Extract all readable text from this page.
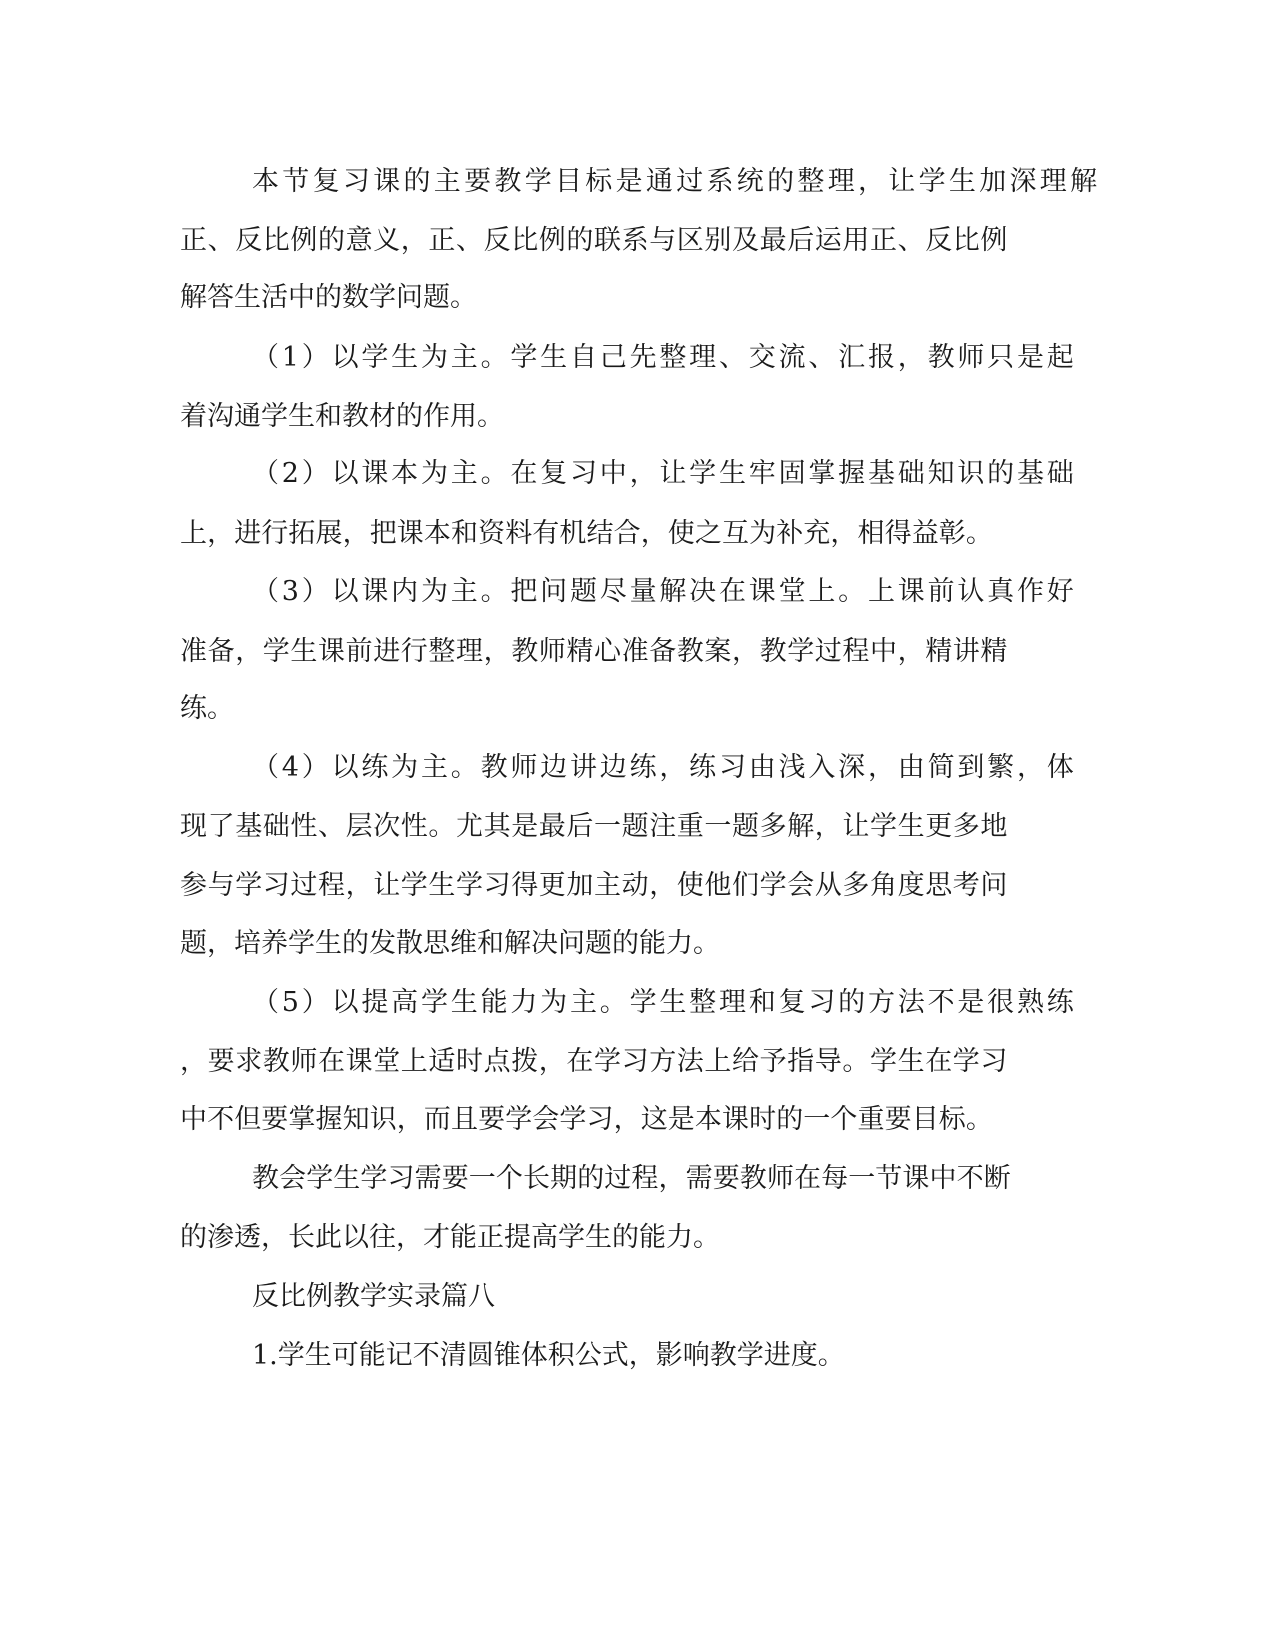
本节复习课的主要教学目标是通过系统的整理，让学生加深理解

正、反比例的意义，正、反比例的联系与区别及最后运用正、反比例

解答生活中的数学问题。

（1）以学生为主。学生自己先整理、交流、汇报，教师只是起

着沟通学生和教材的作用。

（2）以课本为主。在复习中，让学生牢固掌握基础知识的基础

上，进行拓展，把课本和资料有机结合，使之互为补充，相得益彰。

（3）以课内为主。把问题尽量解决在课堂上。上课前认真作好

准备，学生课前进行整理，教师精心准备教案，教学过程中，精讲精

练。

（4）以练为主。教师边讲边练，练习由浅入深，由简到繁，体

现了基础性、层次性。尤其是最后一题注重一题多解，让学生更多地

参与学习过程，让学生学习得更加主动，使他们学会从多角度思考问

题，培养学生的发散思维和解决问题的能力。

（5）以提高学生能力为主。学生整理和复习的方法不是很熟练

，要求教师在课堂上适时点拨，在学习方法上给予指导。学生在学习

中不但要掌握知识，而且要学会学习，这是本课时的一个重要目标。

教会学生学习需要一个长期的过程，需要教师在每一节课中不断

的渗透，长此以往，才能正提高学生的能力。

反比例教学实录篇八

1.学生可能记不清圆锥体积公式，影响教学进度。
